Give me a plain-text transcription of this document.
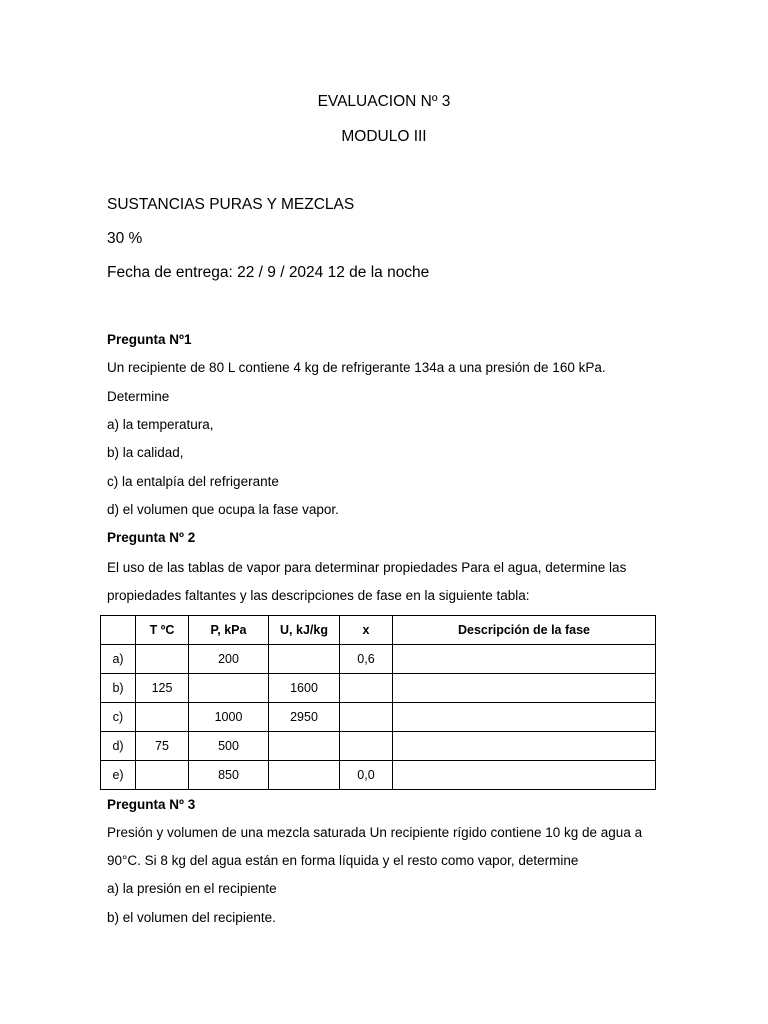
EVALUACION Nº 3
MODULO III
SUSTANCIAS PURAS Y MEZCLAS
30 %
Fecha de entrega: 22 / 9 / 2024 12 de la noche
Pregunta Nº1
Un recipiente de 80 L contiene 4 kg de refrigerante 134a a una presión de 160 kPa.
Determine
a) la temperatura,
b) la calidad,
c) la entalpía del refrigerante
d) el volumen que ocupa la fase vapor.
Pregunta Nº 2
El uso de las tablas de vapor para determinar propiedades Para el agua, determine las
propiedades faltantes y las descripciones de fase en la siguiente tabla:
	T ºC	P, kPa	U, kJ/kg	x	Descripción de la fase
a)		200		0,6	
b)	125		1600		
c)		1000	2950		
d)	75	500			
e)		850		0,0	
Pregunta Nº 3
Presión y volumen de una mezcla saturada Un recipiente rígido contiene 10 kg de agua a
90°C. Si 8 kg del agua están en forma líquida y el resto como vapor, determine
a) la presión en el recipiente
b) el volumen del recipiente.
